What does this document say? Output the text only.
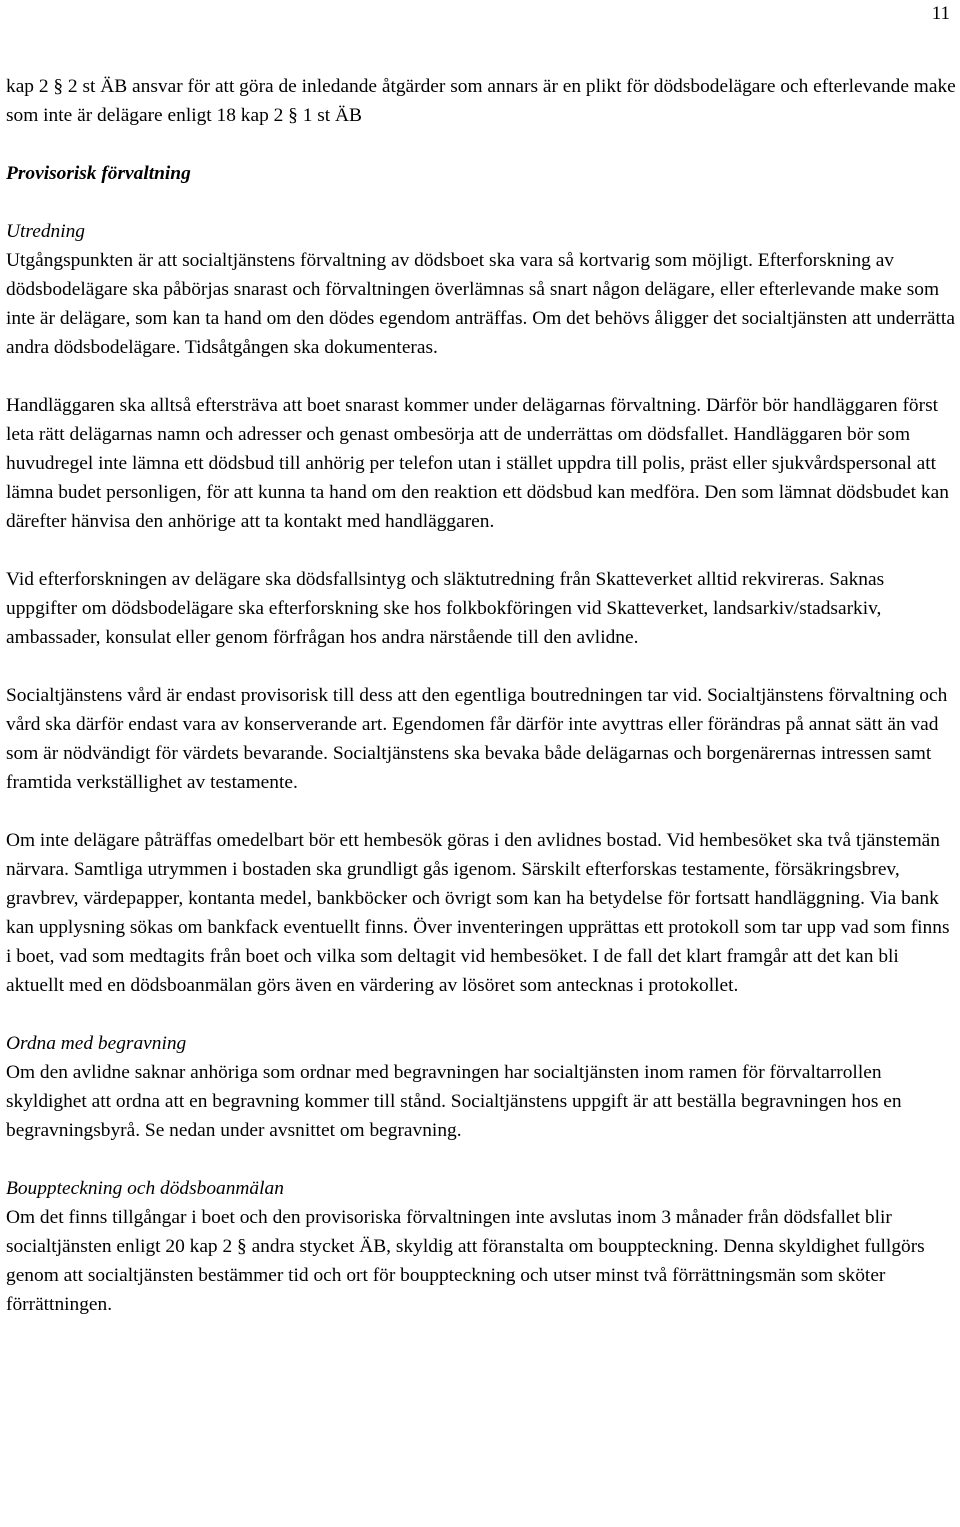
11

kap 2 § 2 st ÄB ansvar för att göra de inledande åtgärder som annars är en plikt för dödsbodelägare och efterlevande make som inte är delägare enligt 18 kap 2 § 1 st ÄB

Provisorisk förvaltning

Utredning

Utgångspunkten är att socialtjänstens förvaltning av dödsboet ska vara så kortvarig som möjligt. Efterforskning av dödsbodelägare ska påbörjas snarast och förvaltningen överlämnas så snart någon delägare, eller efterlevande make som inte är delägare, som kan ta hand om den dödes egendom anträffas. Om det behövs åligger det socialtjänsten att underrätta andra dödsbodelägare. Tidsåtgången ska dokumenteras.

Handläggaren ska alltså eftersträva att boet snarast kommer under delägarnas förvaltning. Därför bör handläggaren först leta rätt delägarnas namn och adresser och genast ombesörja att de underrättas om dödsfallet. Handläggaren bör som huvudregel inte lämna ett dödsbud till anhörig per telefon utan i stället uppdra till polis, präst eller sjukvårdspersonal att lämna budet personligen, för att kunna ta hand om den reaktion ett dödsbud kan medföra. Den som lämnat dödsbudet kan därefter hänvisa den anhörige att ta kontakt med handläggaren.

Vid efterforskningen av delägare ska dödsfallsintyg och släktutredning från Skatteverket alltid rekvireras. Saknas uppgifter om dödsbodelägare ska efterforskning ske hos folkbokföringen vid Skatteverket, landsarkiv/stadsarkiv, ambassader, konsulat eller genom förfrågan hos andra närstående till den avlidne.

Socialtjänstens vård är endast provisorisk till dess att den egentliga boutredningen tar vid. Socialtjänstens förvaltning och vård ska därför endast vara av konserverande art. Egendomen får därför inte avyttras eller förändras på annat sätt än vad som är nödvändigt för värdets bevarande. Socialtjänstens ska bevaka både delägarnas och borgenärernas intressen samt framtida verkställighet av testamente.

Om inte delägare påträffas omedelbart bör ett hembesök göras i den avlidnes bostad. Vid hembesöket ska två tjänstemän närvara. Samtliga utrymmen i bostaden ska grundligt gås igenom. Särskilt efterforskas testamente, försäkringsbrev, gravbrev, värdepapper, kontanta medel, bankböcker och övrigt som kan ha betydelse för fortsatt handläggning. Via bank kan upplysning sökas om bankfack eventuellt finns. Över inventeringen upprättas ett protokoll som tar upp vad som finns i boet, vad som medtagits från boet och vilka som deltagit vid hembesöket. I de fall det klart framgår att det kan bli aktuellt med en dödsboanmälan görs även en värdering av lösöret som antecknas i protokollet.

Ordna med begravning

Om den avlidne saknar anhöriga som ordnar med begravningen har socialtjänsten inom ramen för förvaltarrollen skyldighet att ordna att en begravning kommer till stånd. Socialtjänstens uppgift är att beställa begravningen hos en begravningsbyrå. Se nedan under avsnittet om begravning.

Bouppteckning och dödsboanmälan

Om det finns tillgångar i boet och den provisoriska förvaltningen inte avslutas inom 3 månader från dödsfallet blir socialtjänsten enligt 20 kap 2 § andra stycket ÄB, skyldig att föranstalta om bouppteckning. Denna skyldighet fullgörs genom att socialtjänsten bestämmer tid och ort för bouppteckning och utser minst två förrättningsmän som sköter förrättningen.
